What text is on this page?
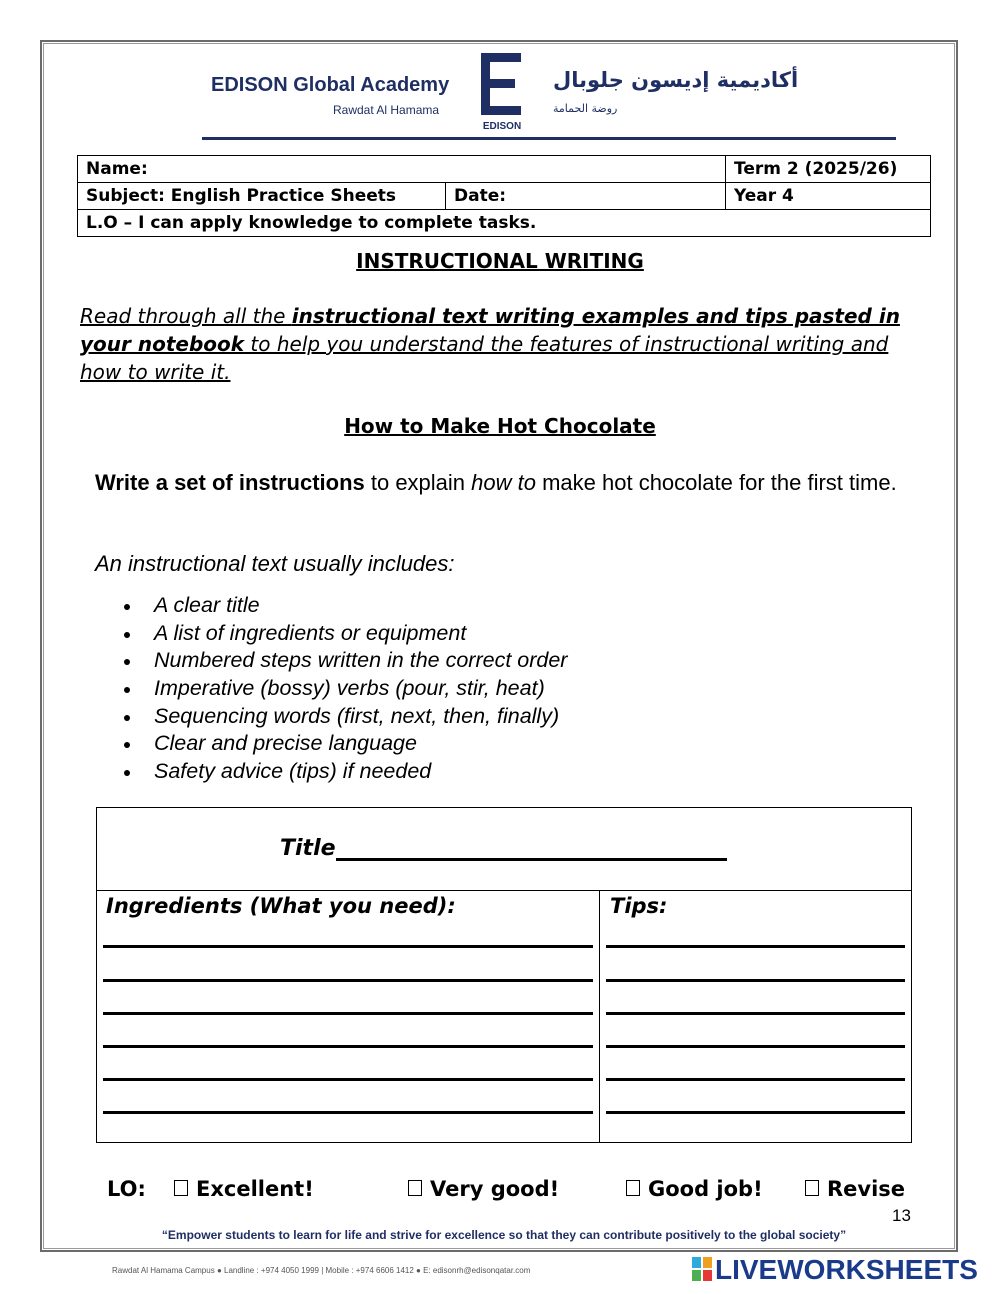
EDISON Global Academy
Rawdat Al Hamama
EDISON
أكاديمية إديسون جلوبال
روضة الحمامة
Name:		Term 2 (2025/26)
Subject: English Practice Sheets	Date:	Year 4
L.O – I can apply knowledge to complete tasks.		
INSTRUCTIONAL WRITING
Read through all the instructional text writing examples and tips pasted in your notebook to help you understand the features of instructional writing and how to write it.
How to Make Hot Chocolate
Write a set of instructions to explain how to make hot chocolate for the first time.
An instructional text usually includes:
A clear title
A list of ingredients or equipment
Numbered steps written in the correct order
Imperative (bossy) verbs (pour, stir, heat)
Sequencing words (first, next, then, finally)
Clear and precise language
Safety advice (tips) if needed
Title
Ingredients (What you need):	Tips:
LO:	Excellent!	Very good!	Good job!	Revise
13
“Empower students to learn for life and strive for excellence so that they can contribute positively to the global society”
Rawdat Al Hamama Campus ● Landline : +974 4050 1999 | Mobile : +974 6606 1412 ● E: edisonrh@edisonqatar.com	LIVEWORKSHEETS
